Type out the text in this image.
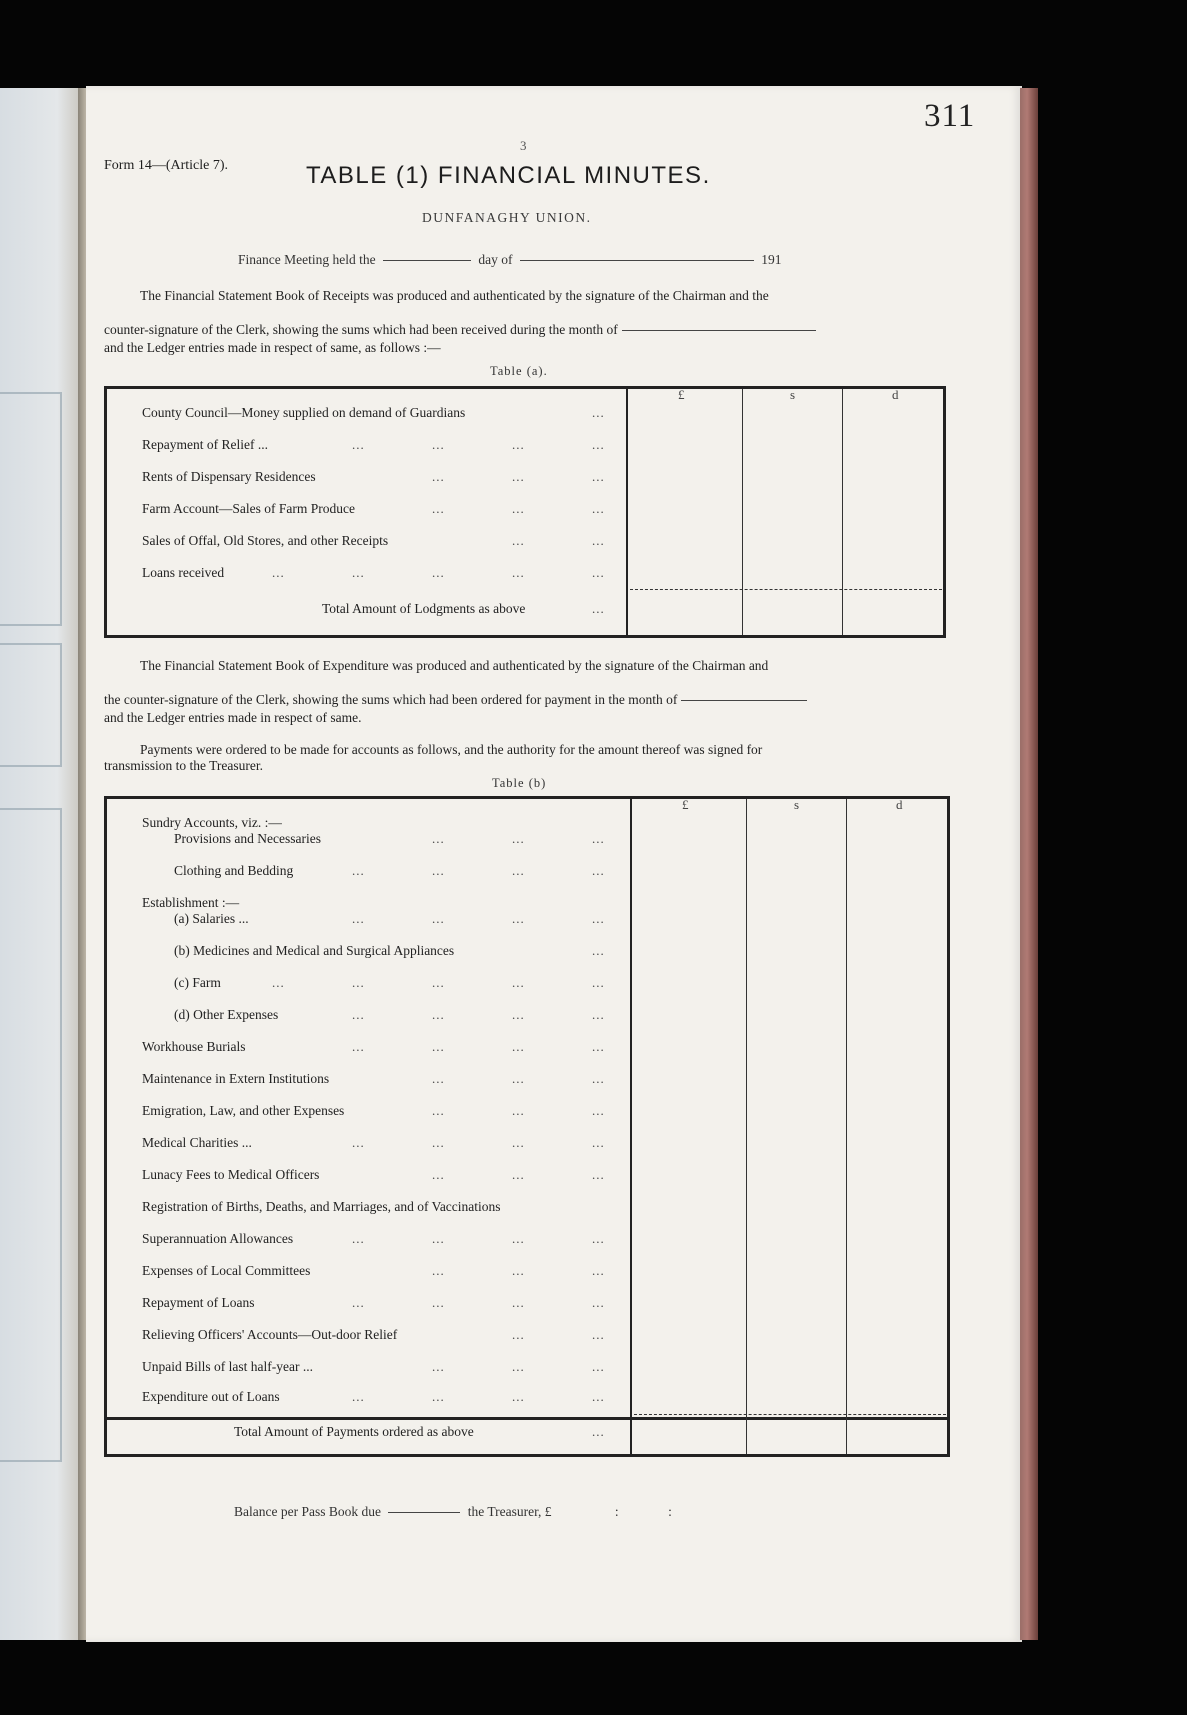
311
3
Form 14—(Article 7).	TABLE (1) FINANCIAL MINUTES.
DUNFANAGHY UNION.
Finance Meeting held the	day of	191
The Financial Statement Book of Receipts was produced and authenticated by the signature of the Chairman and the
counter-signature of the Clerk, showing the sums which had been received during the month of
and the Ledger entries made in respect of same, as follows :—
Table (a).
£	s	d
County Council—Money supplied on demand of Guardians	...
Repayment of Relief ...	...	...	...	...
Rents of Dispensary Residences	...	...	...
Farm Account—Sales of Farm Produce	...	...	...
Sales of Offal, Old Stores, and other Receipts	...	...
Loans received	...	...	...	...	...
Total Amount of Lodgments as above	...
The Financial Statement Book of Expenditure was produced and authenticated by the signature of the Chairman and
the counter-signature of the Clerk, showing the sums which had been ordered for payment in the month of
and the Ledger entries made in respect of same.
Payments were ordered to be made for accounts as follows, and the authority for the amount thereof was signed for
transmission to the Treasurer.
Table (b)
£	s	d
Sundry Accounts, viz. :—
Provisions and Necessaries	...	...	...
Clothing and Bedding	...	...	...	...
Establishment :—
(a) Salaries ...	...	...	...	...
(b) Medicines and Medical and Surgical Appliances	...
(c) Farm	...	...	...	...	...
(d) Other Expenses	...	...	...	...
Workhouse Burials	...	...	...	...
Maintenance in Extern Institutions	...	...	...
Emigration, Law, and other Expenses	...	...	...
Medical Charities ...	...	...	...	...
Lunacy Fees to Medical Officers	...	...	...
Registration of Births, Deaths, and Marriages, and of Vaccinations
Superannuation Allowances	...	...	...	...
Expenses of Local Committees	...	...	...
Repayment of Loans	...	...	...	...
Relieving Officers' Accounts—Out-door Relief	...	...
Unpaid Bills of last half-year ...	...	...	...
Expenditure out of Loans	...	...	...	...
Total Amount of Payments ordered as above	...
Balance per Pass Book due	the Treasurer, £	:	:
